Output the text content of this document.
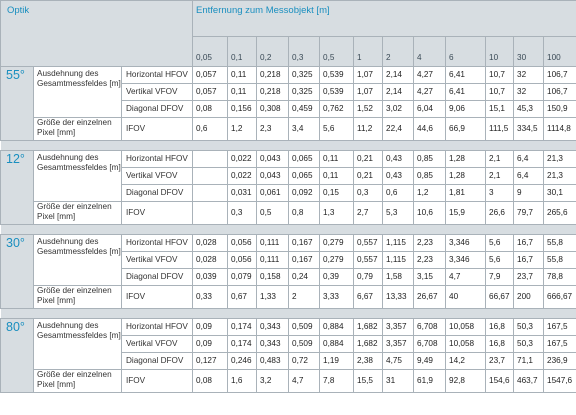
Optik			Entfernung zum Messobjekt [m]											
			0,05	0,1	0,2	0,3	0,5	1	2	4	6	10	30	100
55°	Ausdehnung des Gesamtmessfeldes [m]	Horizontal HFOV	0,057	0,11	0,218	0,325	0,539	1,07	2,14	4,27	6,41	10,7	32	106,7
		Vertikal VFOV	0,057	0,11	0,218	0,325	0,539	1,07	2,14	4,27	6,41	10,7	32	106,7
		Diagonal DFOV	0,08	0,156	0,308	0,459	0,762	1,52	3,02	6,04	9,06	15,1	45,3	150,9
	Größe der einzelnen Pixel [mm]	IFOV	0,6	1,2	2,3	3,4	5,6	11,2	22,4	44,6	66,9	111,5	334,5	1114,8

12°	Ausdehnung des Gesamtmessfeldes [m]	Horizontal HFOV		0,022	0,043	0,065	0,11	0,21	0,43	0,85	1,28	2,1	6,4	21,3
		Vertikal VFOV		0,022	0,043	0,065	0,11	0,21	0,43	0,85	1,28	2,1	6,4	21,3
		Diagonal DFOV		0,031	0,061	0,092	0,15	0,3	0,6	1,2	1,81	3	9	30,1
	Größe der einzelnen Pixel [mm]	IFOV		0,3	0,5	0,8	1,3	2,7	5,3	10,6	15,9	26,6	79,7	265,6

30°	Ausdehnung des Gesamtmessfeldes [m]	Horizontal HFOV	0,028	0,056	0,111	0,167	0,279	0,557	1,115	2,23	3,346	5,6	16,7	55,8
		Vertikal VFOV	0,028	0,056	0,111	0,167	0,279	0,557	1,115	2,23	3,346	5,6	16,7	55,8
		Diagonal DFOV	0,039	0,079	0,158	0,24	0,39	0,79	1,58	3,15	4,7	7,9	23,7	78,8
	Größe der einzelnen Pixel [mm]	IFOV	0,33	0,67	1,33	2	3,33	6,67	13,33	26,67	40	66,67	200	666,67

80°	Ausdehnung des Gesamtmessfeldes [m]	Horizontal HFOV	0,09	0,174	0,343	0,509	0,884	1,682	3,357	6,708	10,058	16,8	50,3	167,5
		Vertikal VFOV	0,09	0,174	0,343	0,509	0,884	1,682	3,357	6,708	10,058	16,8	50,3	167,5
		Diagonal DFOV	0,127	0,246	0,483	0,72	1,19	2,38	4,75	9,49	14,2	23,7	71,1	236,9
	Größe der einzelnen Pixel [mm]	IFOV	0,08	1,6	3,2	4,7	7,8	15,5	31	61,9	92,8	154,6	463,7	1547,6
